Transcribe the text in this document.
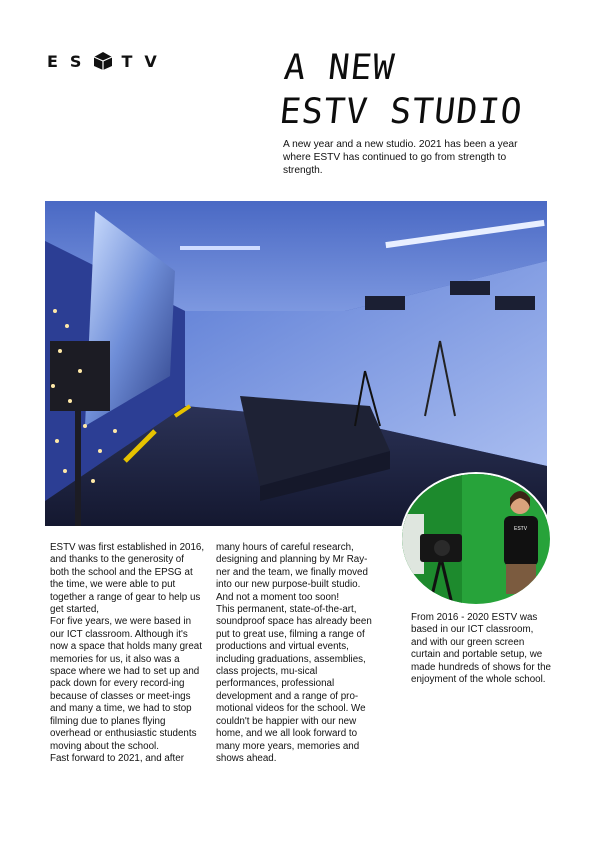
ES TV	A NEW
ESTV STUDIO
A new year and a new studio. 2021 has been a year where ESTV has continued to go from strength to strength.
ESTV was first established in 2016, and thanks to the generosity of both the school and the EPSG at the time, we were able to put together a range of gear to help us get started,
For five years, we were based in our ICT classroom. Although it's now a space that holds many great memories for us, it also was a space where we had to set up and pack down for every record-ing because of classes or meet-ings and many a time, we had to stop filming due to planes flying overhead or enthusiastic students moving about the school.
Fast forward to 2021, and after
many hours of careful research, designing and planning by Mr Ray-ner and the team, we finally moved into our new purpose-built studio. And not a moment too soon!
This permanent, state-of-the-art, soundproof space has already been put to great use, filming a range of productions and virtual events, including graduations, assemblies, class projects, mu-sical performances, professional development and a range of pro-motional videos for the school. We couldn't be happier with our new home, and we all look forward to many more years, memories and shows ahead.
ESTV
From 2016 - 2020 ESTV was based in our ICT classroom, and with our green screen curtain and portable setup, we made hundreds of shows for the enjoyment of the whole school.
